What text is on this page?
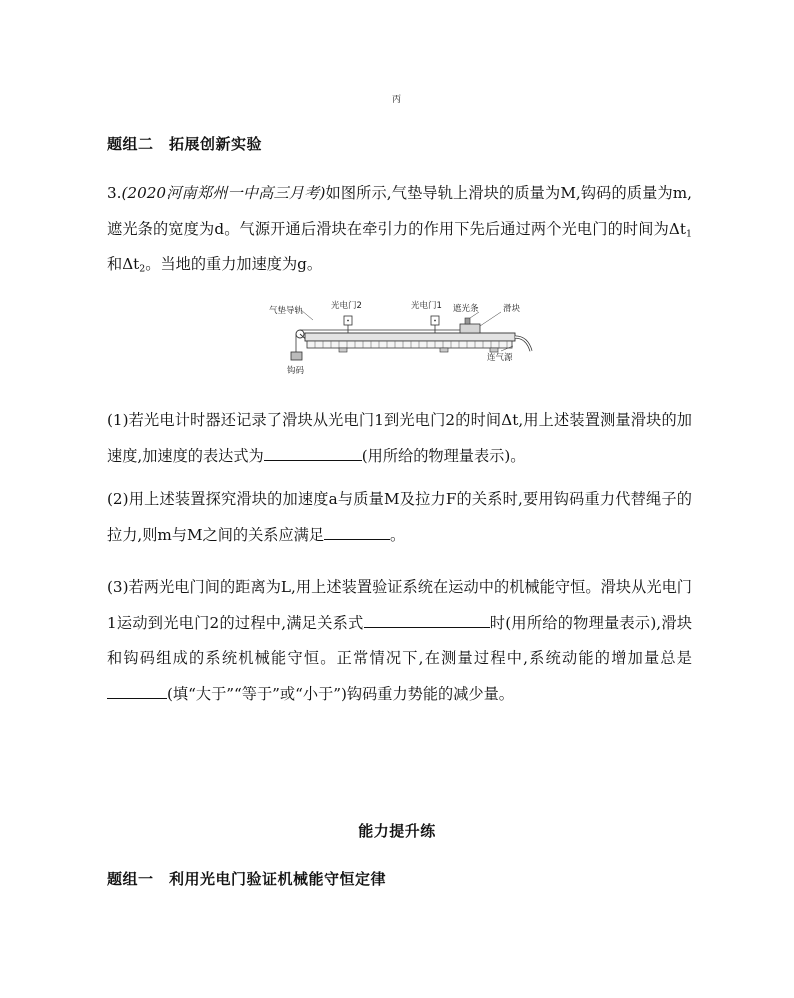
丙
题组二　拓展创新实验
3.(2020河南郑州一中高三月考)如图所示,气垫导轨上滑块的质量为M,钩码的质量为m,遮光条的宽度为d。气源开通后滑块在牵引力的作用下先后通过两个光电门的时间为$\Delta t_1$和$\Delta t_2$。当地的重力加速度为g。
气垫导轨	光电门2	光电门1 遮光条	滑块
钩码
连气源
(1)若光电计时器还记录了滑块从光电门1到光电门2的时间Δt,用上述装置测量滑块的加速度,加速度的表达式为	(用所给的物理量表示)。
(2)用上述装置探究滑块的加速度a与质量M及拉力F的关系时,要用钩码重力代替绳子的拉力,则m与M之间的关系应满足	。
(3)若两光电门间的距离为L,用上述装置验证系统在运动中的机械能守恒。滑块从光电门1运动到光电门2的过程中,满足关系式	时(用所给的物理量表示),滑块和钩码组成的系统机械能守恒。正常情况下,在测量过程中,系统动能的增加量总是(填“大于”“等于”或“小于”)钩码重力势能的减少量。
能力提升练
题组一　利用光电门验证机械能守恒定律
